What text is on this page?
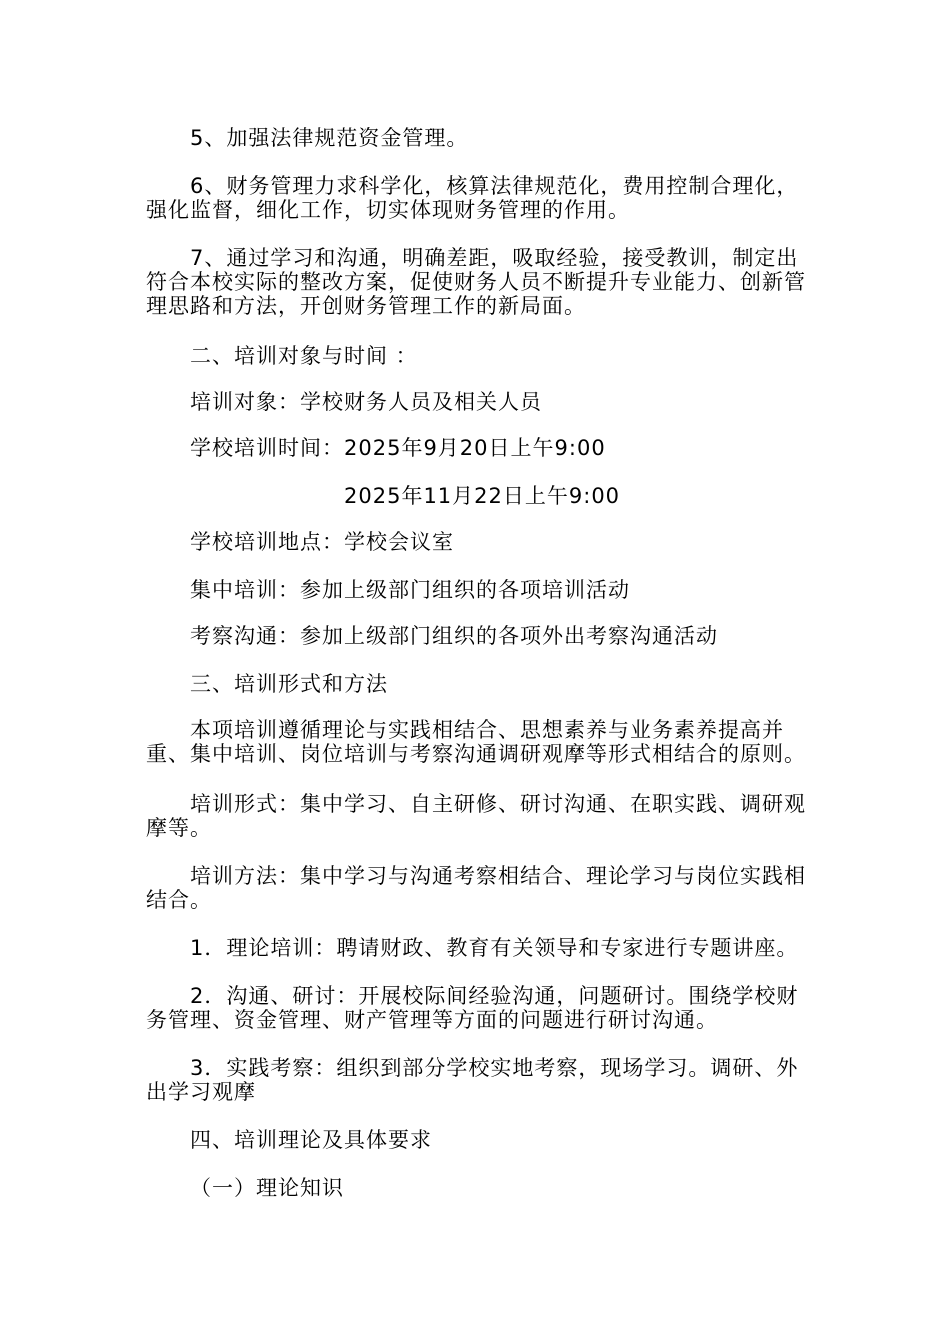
5、加强法律规范资金管理。

6、财务管理力求科学化，核算法律规范化，费用控制合理化，强化监督，细化工作，切实体现财务管理的作用。

7、通过学习和沟通，明确差距，吸取经验，接受教训，制定出符合本校实际的整改方案，促使财务人员不断提升专业能力、创新管理思路和方法，开创财务管理工作的新局面。

二、培训对象与时间 ：

培训对象：学校财务人员及相关人员

学校培训时间：2025年9月20日上午9:00

2025年11月22日上午9:00

学校培训地点：学校会议室

集中培训：参加上级部门组织的各项培训活动

考察沟通：参加上级部门组织的各项外出考察沟通活动

三、培训形式和方法

本项培训遵循理论与实践相结合、思想素养与业务素养提高并重、集中培训、岗位培训与考察沟通调研观摩等形式相结合的原则。

培训形式：集中学习、自主研修、研讨沟通、在职实践、调研观摩等。

培训方法：集中学习与沟通考察相结合、理论学习与岗位实践相结合。

1．理论培训：聘请财政、教育有关领导和专家进行专题讲座。

2．沟通、研讨：开展校际间经验沟通，问题研讨。围绕学校财务管理、资金管理、财产管理等方面的问题进行研讨沟通。

3．实践考察：组织到部分学校实地考察，现场学习。调研、外出学习观摩

四、培训理论及具体要求

（一）理论知识
